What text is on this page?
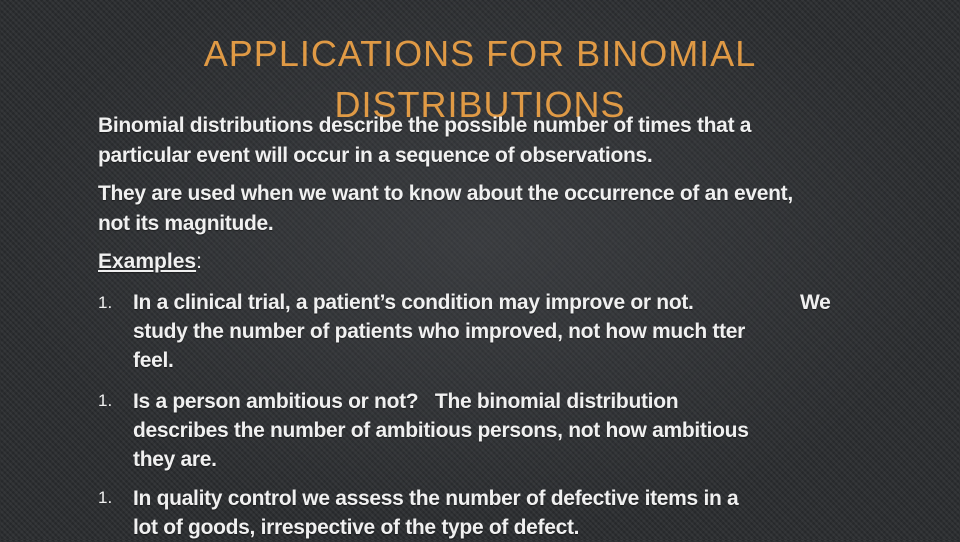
APPLICATIONS FOR BINOMIAL
DISTRIBUTIONS

Binomial distributions describe the possible number of times that a particular event will occur in a sequence of observations.

They are used when we want to know about the occurrence of an event, not its magnitude.

Examples:
1. In a clinical trial, a patient’s condition may improve or not.	We
study the number of patients who improved, not how much tter
feel.
1. Is a person ambitious or not?   The binomial distribution
describes the number of ambitious persons, not how ambitious
they are.
1. In quality control we assess the number of defective items in a
lot of goods, irrespective of the type of defect.
